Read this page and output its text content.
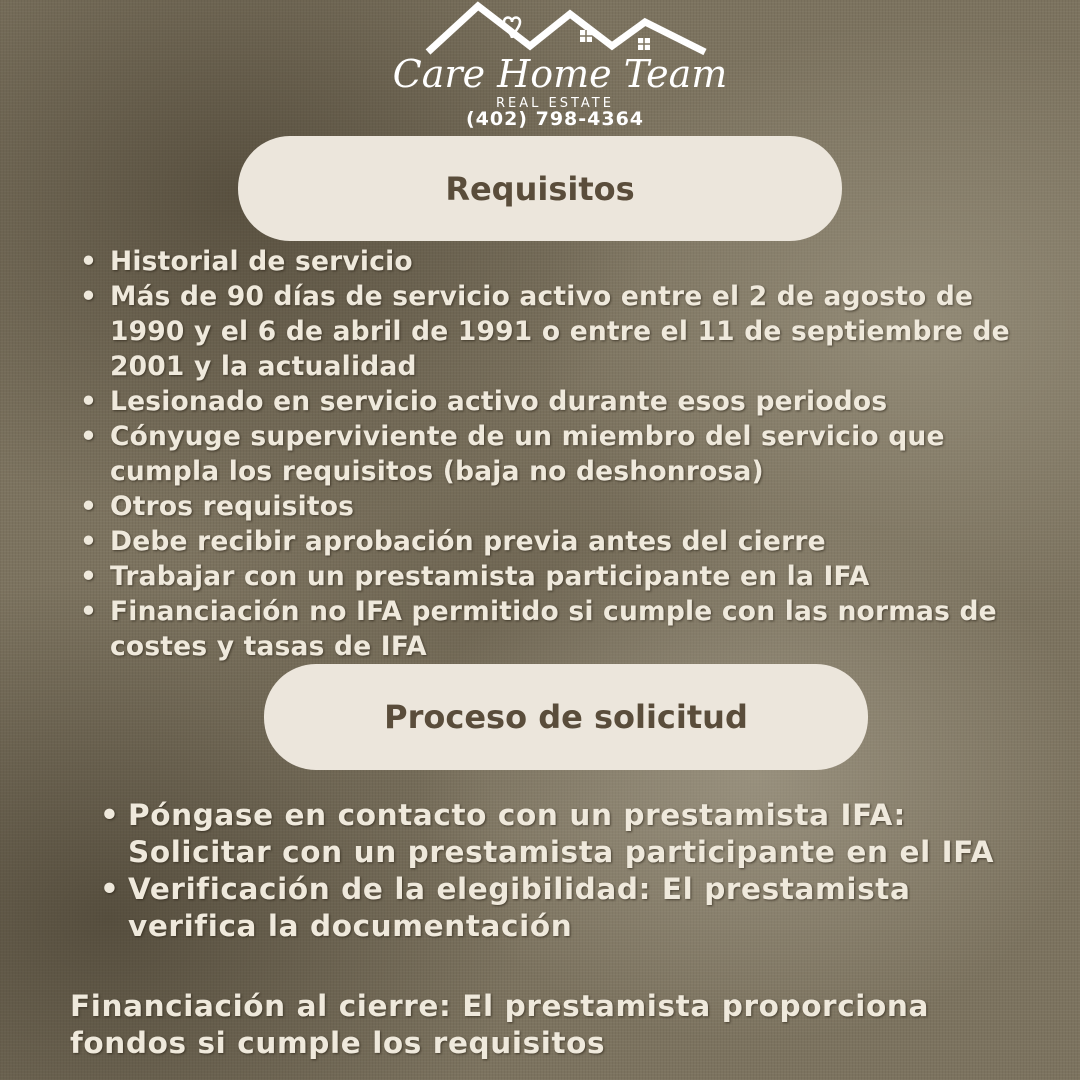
Care Home Team
REAL ESTATE
(402) 798-4364
Requisitos
• Historial de servicio
• Más de 90 días de servicio activo entre el 2 de agosto de 1990 y el 6 de abril de 1991 o entre el 11 de septiembre de 2001 y la actualidad
• Lesionado en servicio activo durante esos periodos
• Cónyuge superviviente de un miembro del servicio que cumpla los requisitos (baja no deshonrosa)
• Otros requisitos
• Debe recibir aprobación previa antes del cierre
• Trabajar con un prestamista participante en la IFA
• Financiación no IFA permitido si cumple con las normas de costes y tasas de IFA
Proceso de solicitud
• Póngase en contacto con un prestamista IFA: Solicitar con un prestamista participante en el IFA
• Verificación de la elegibilidad: El prestamista verifica la documentación
Financiación al cierre: El prestamista proporciona fondos si cumple los requisitos
